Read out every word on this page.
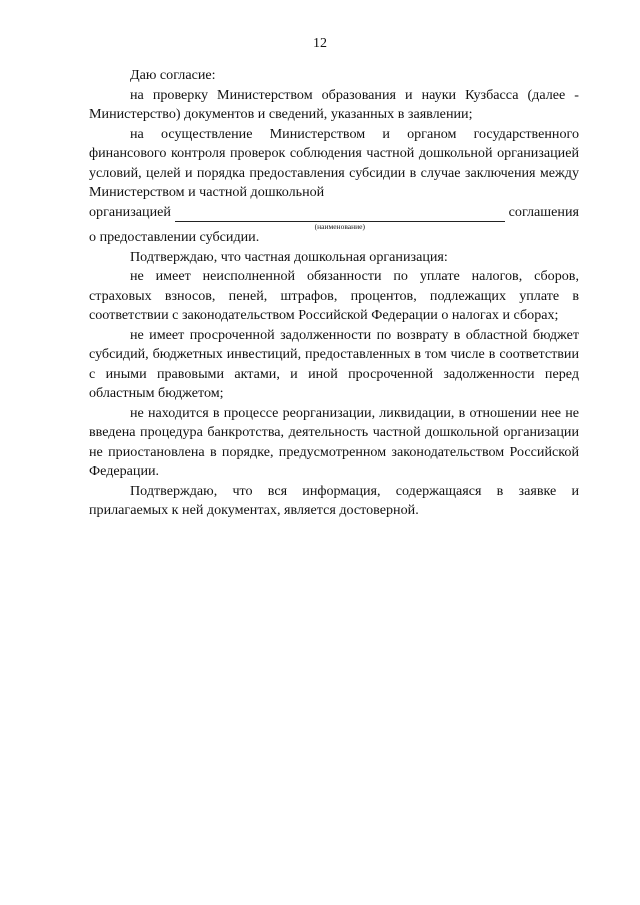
12

Даю согласие:

на проверку Министерством образования и науки Кузбасса (далее - Министерство) документов и сведений, указанных в заявлении;

на осуществление Министерством и органом государственного финансового контроля проверок соблюдения частной дошкольной организацией условий, целей и порядка предоставления субсидии в случае заключения между Министерством и частной дошкольной

организацией
(наименование)
соглашения

о предоставлении субсидии.

Подтверждаю, что частная дошкольная организация:

не имеет неисполненной обязанности по уплате налогов, сборов, страховых взносов, пеней, штрафов, процентов, подлежащих уплате в соответствии с законодательством Российской Федерации о налогах и сборах;

не имеет просроченной задолженности по возврату в областной бюджет субсидий, бюджетных инвестиций, предоставленных в том числе в соответствии с иными правовыми актами, и иной просроченной задолженности перед областным бюджетом;

не находится в процессе реорганизации, ликвидации, в отношении нее не введена процедура банкротства, деятельность частной дошкольной организации не приостановлена в порядке, предусмотренном законодательством Российской Федерации.

Подтверждаю, что вся информация, содержащаяся в заявке и прилагаемых к ней документах, является достоверной.
